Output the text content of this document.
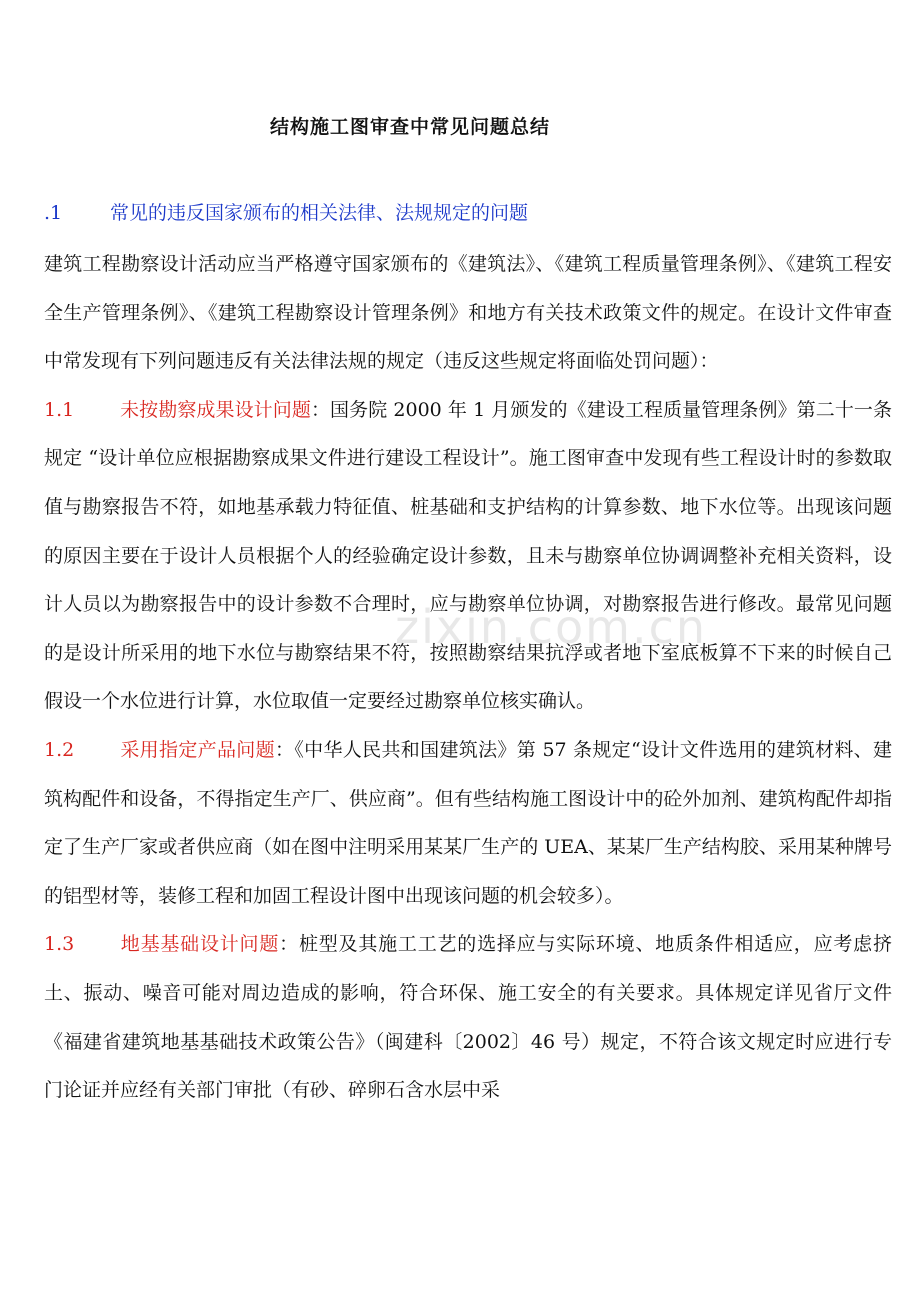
结构施工图审查中常见问题总结
.1	常见的违反国家颁布的相关法律、法规规定的问题

建筑工程勘察设计活动应当严格遵守国家颁布的《建筑法》、《建筑工程质量管理条例》、《建筑工程安全生产管理条例》、《建筑工程勘察设计管理条例》和地方有关技术政策文件的规定。在设计文件审查中常发现有下列问题违反有关法律法规的规定（违反这些规定将面临处罚问题）：

1.1 未按勘察成果设计问题：国务院 2000 年 1 月颁发的《建设工程质量管理条例》第二十一条规定 “设计单位应根据勘察成果文件进行建设工程设计”。施工图审查中发现有些工程设计时的参数取值与勘察报告不符，如地基承载力特征值、桩基础和支护结构的计算参数、地下水位等。出现该问题的原因主要在于设计人员根据个人的经验确定设计参数，且未与勘察单位协调调整补充相关资料，设计人员以为勘察报告中的设计参数不合理时，应与勘察单位协调，对勘察报告进行修改。最常见问题的是设计所采用的地下水位与勘察结果不符，按照勘察结果抗浮或者地下室底板算不下来的时候自己假设一个水位进行计算，水位取值一定要经过勘察单位核实确认。

1.2 采用指定产品问题：《中华人民共和国建筑法》第 57 条规定“设计文件选用的建筑材料、建筑构配件和设备，不得指定生产厂、供应商”。但有些结构施工图设计中的砼外加剂、建筑构配件却指定了生产厂家或者供应商（如在图中注明采用某某厂生产的 UEA、某某厂生产结构胶、采用某种牌号的铝型材等，装修工程和加固工程设计图中出现该问题的机会较多）。

1.3 地基基础设计问题：桩型及其施工工艺的选择应与实际环境、地质条件相适应，应考虑挤土、振动、噪音可能对周边造成的影响，符合环保、施工安全的有关要求。具体规定详见省厅文件《福建省建筑地基基础技术政策公告》（闽建科〔2002〕46 号）规定，不符合该文规定时应进行专门论证并应经有关部门审批（有砂、碎卵石含水层中采

zixin.com.cn
